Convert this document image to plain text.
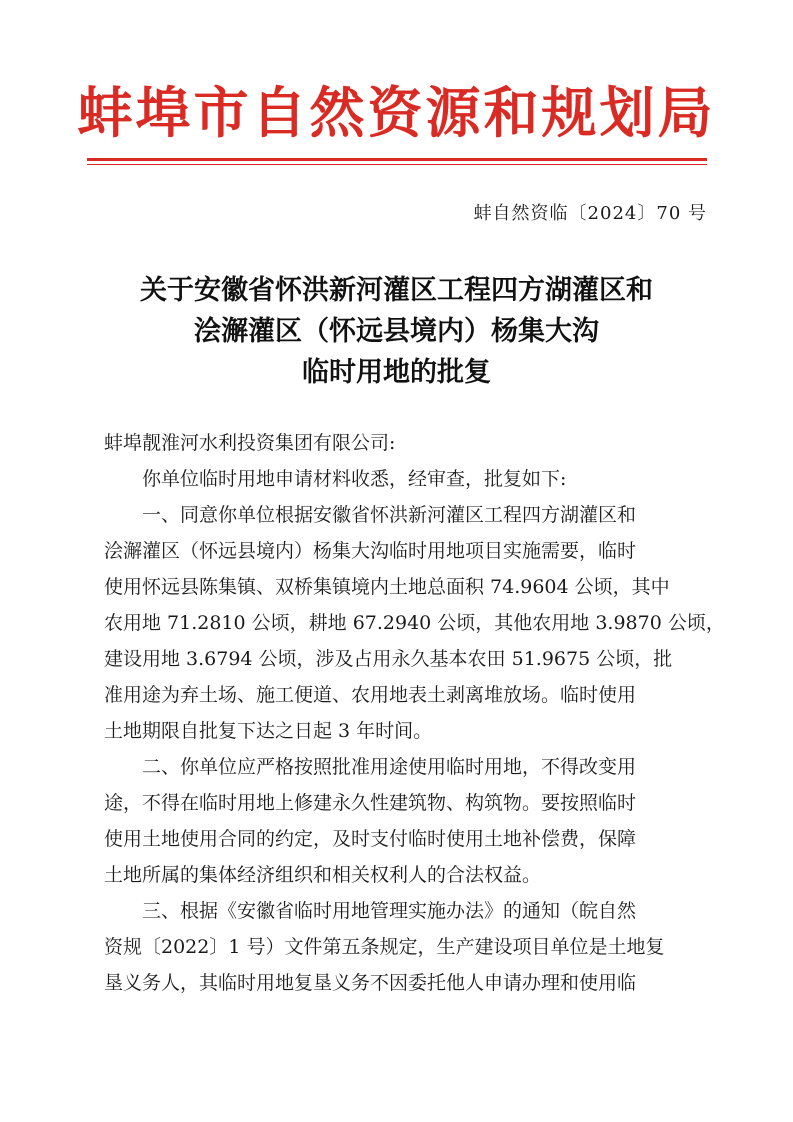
蚌埠市自然资源和规划局
蚌自然资临〔2024〕70 号
关于安徽省怀洪新河灌区工程四方湖灌区和
浍澥灌区（怀远县境内）杨集大沟
临时用地的批复

蚌埠靓淮河水利投资集团有限公司:

你单位临时用地申请材料收悉，经审查，批复如下:

一、同意你单位根据安徽省怀洪新河灌区工程四方湖灌区和

浍澥灌区（怀远县境内）杨集大沟临时用地项目实施需要，临时

使用怀远县陈集镇、双桥集镇境内土地总面积 74.9604 公顷，其中

农用地 71.2810 公顷，耕地 67.2940 公顷，其他农用地 3.9870 公顷，

建设用地 3.6794 公顷，涉及占用永久基本农田 51.9675 公顷，批

准用途为弃土场、施工便道、农用地表土剥离堆放场。临时使用

土地期限自批复下达之日起 3 年时间。

二、你单位应严格按照批准用途使用临时用地，不得改变用

途，不得在临时用地上修建永久性建筑物、构筑物。要按照临时

使用土地使用合同的约定，及时支付临时使用土地补偿费，保障

土地所属的集体经济组织和相关权利人的合法权益。

三、根据《安徽省临时用地管理实施办法》的通知（皖自然

资规〔2022〕1 号）文件第五条规定，生产建设项目单位是土地复

垦义务人，其临时用地复垦义务不因委托他人申请办理和使用临
